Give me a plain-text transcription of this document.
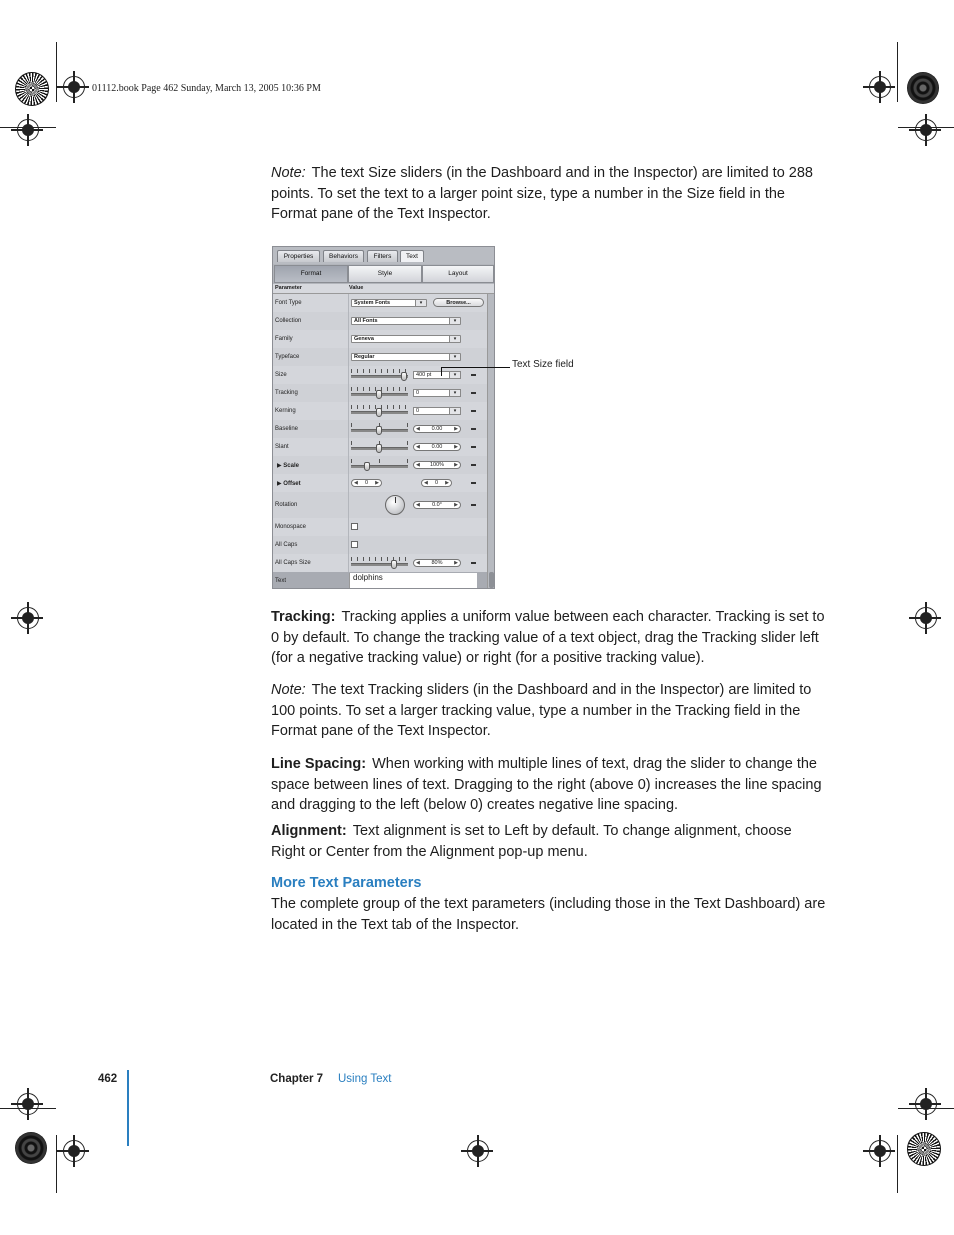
01112.book Page 462 Sunday, March 13, 2005 10:36 PM
Note: The text Size sliders (in the Dashboard and in the Inspector) are limited to 288 points. To set the text to a larger point size, type a number in the Size field in the Format pane of the Text Inspector.
Properties	Behaviors	Filters	Text
Format	Style	Layout
Parameter	Value
Font Type	System Fonts	▾	Browse...
Collection	All Fonts	▾
Family	Geneva	▾
Typeface	Regular	▾
Size	400 pt	▾
Tracking	0	▾
Kerning	0	▾
Baseline	◀ 0.00 ▶
Slant	◀ 0.00 ▶
▶ Scale	◀ 100% ▶
▶ Offset	◀ 0 ▶	◀ 0 ▶
Rotation	◀ 0.0° ▶
Monospace
All Caps
All Caps Size	◀ 80% ▶
Text	dolphins
Text Size field
Tracking: Tracking applies a uniform value between each character. Tracking is set to 0 by default. To change the tracking value of a text object, drag the Tracking slider left (for a negative tracking value) or right (for a positive tracking value).
Note: The text Tracking sliders (in the Dashboard and in the Inspector) are limited to 100 points. To set a larger tracking value, type a number in the Tracking field in the Format pane of the Text Inspector.
Line Spacing: When working with multiple lines of text, drag the slider to change the space between lines of text. Dragging to the right (above 0) increases the line spacing and dragging to the left (below 0) creates negative line spacing.
Alignment: Text alignment is set to Left by default. To change alignment, choose Right or Center from the Alignment pop-up menu.
More Text Parameters
The complete group of the text parameters (including those in the Text Dashboard) are located in the Text tab of the Inspector.
462	Chapter 7 Using Text
